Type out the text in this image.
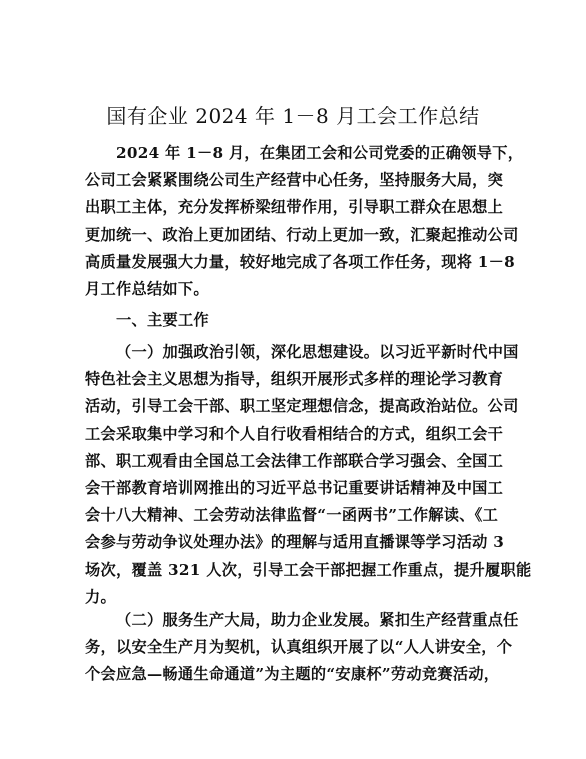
国有企业 2024 年 1－8 月工会工作总结
2024 年 1－8 月，在集团工会和公司党委的正确领导下，
公司工会紧紧围绕公司生产经营中心任务，坚持服务大局，突
出职工主体，充分发挥桥梁纽带作用，引导职工群众在思想上
更加统一、政治上更加团结、行动上更加一致，汇聚起推动公司
高质量发展强大力量，较好地完成了各项工作任务，现将 1－8
月工作总结如下。
一、主要工作
（一）加强政治引领，深化思想建设。以习近平新时代中国
特色社会主义思想为指导，组织开展形式多样的理论学习教育
活动，引导工会干部、职工坚定理想信念，提高政治站位。公司
工会采取集中学习和个人自行收看相结合的方式，组织工会干
部、职工观看由全国总工会法律工作部联合学习强会、全国工
会干部教育培训网推出的习近平总书记重要讲话精神及中国工
会十八大精神、工会劳动法律监督“一函两书”工作解读、《工
会参与劳动争议处理办法》的理解与适用直播课等学习活动 3
场次，覆盖 321 人次，引导工会干部把握工作重点，提升履职能
力。
（二）服务生产大局，助力企业发展。紧扣生产经营重点任
务，以安全生产月为契机，认真组织开展了以“人人讲安全，个
个会应急—畅通生命通道”为主题的“安康杯”劳动竞赛活动，
